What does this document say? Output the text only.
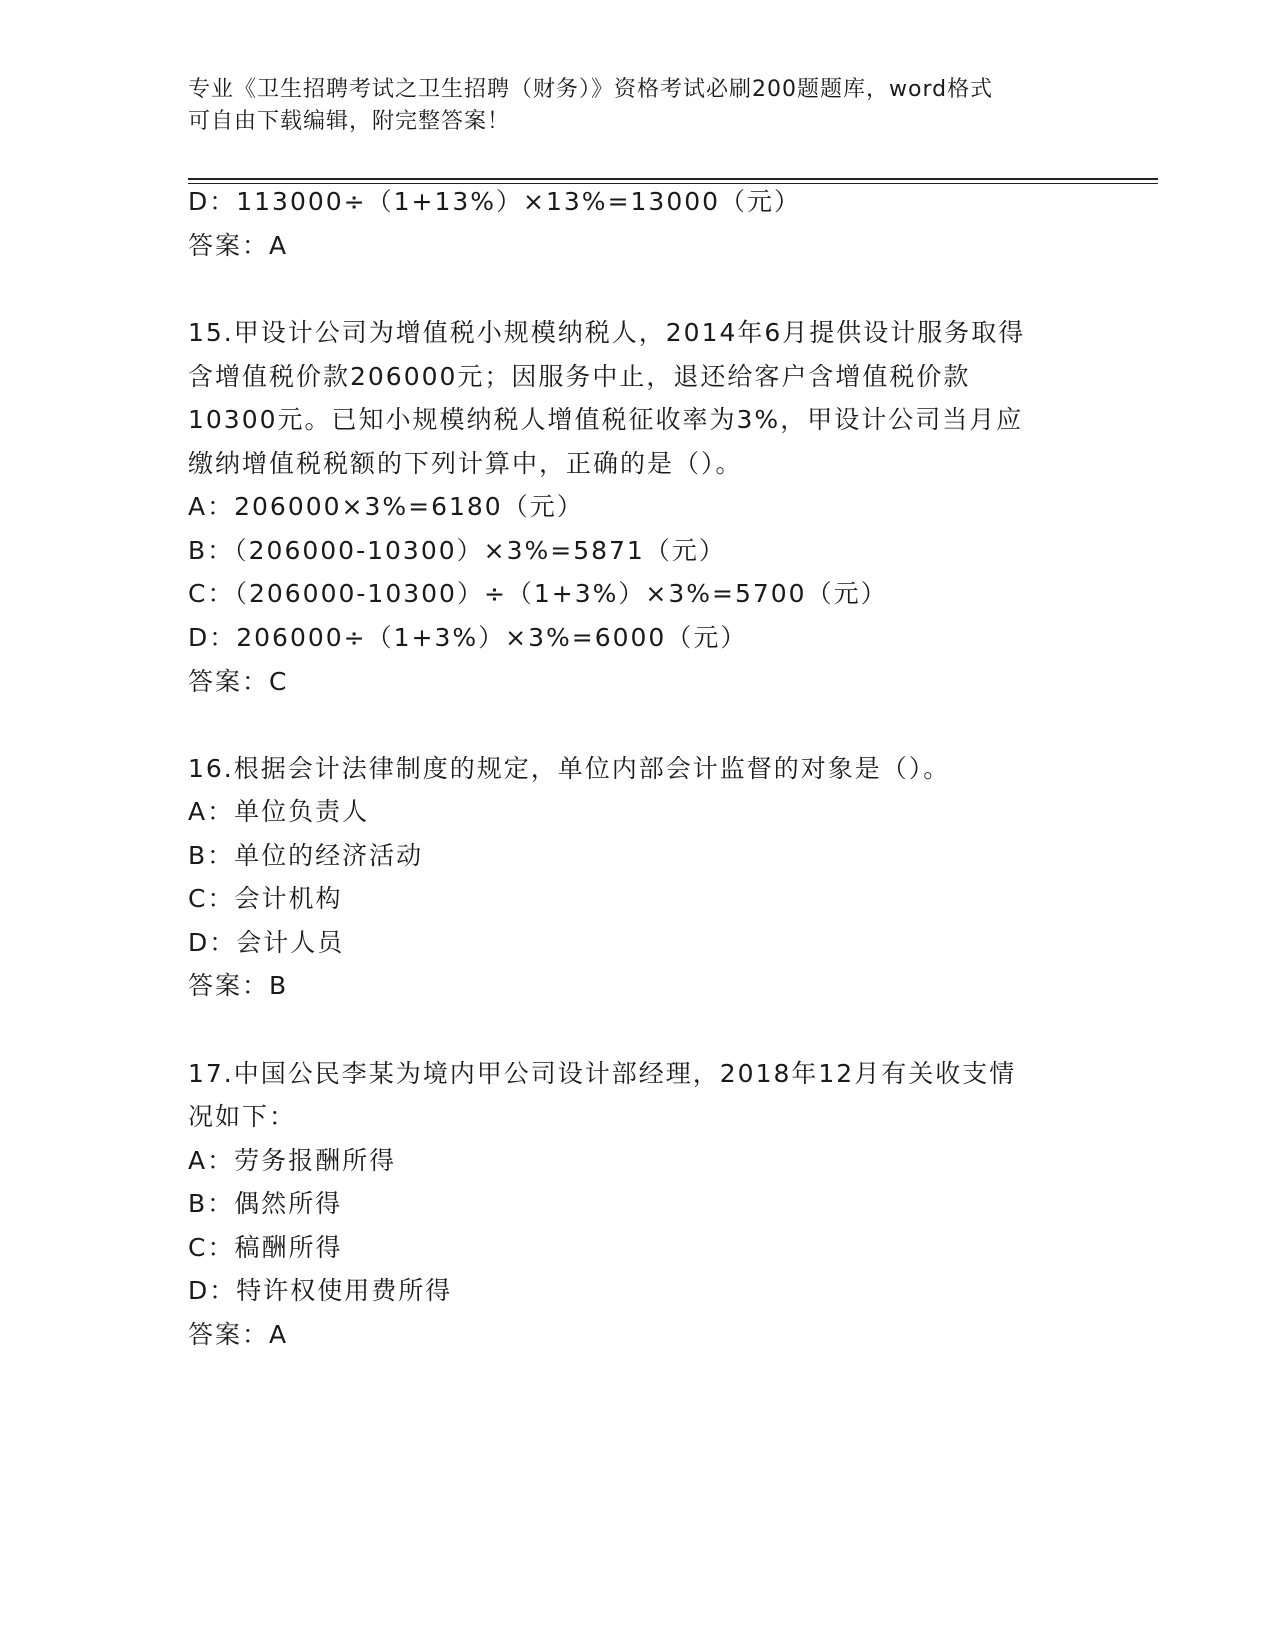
专业《卫生招聘考试之卫生招聘（财务）》资格考试必刷200题题库，word格式
可自由下载编辑，附完整答案！
D：113000÷（1+13%）×13%=13000（元）
答案：A
15.甲设计公司为增值税小规模纳税人，2014年6月提供设计服务取得
含增值税价款206000元；因服务中止，退还给客户含增值税价款
10300元。已知小规模纳税人增值税征收率为3%，甲设计公司当月应
缴纳增值税税额的下列计算中，正确的是（）。
A：206000×3%=6180（元）
B：（206000-10300）×3%=5871（元）
C：（206000-10300）÷（1+3%）×3%=5700（元）
D：206000÷（1+3%）×3%=6000（元）
答案：C
16.根据会计法律制度的规定，单位内部会计监督的对象是（）。
A：单位负责人
B：单位的经济活动
C：会计机构
D：会计人员
答案：B
17.中国公民李某为境内甲公司设计部经理，2018年12月有关收支情
况如下：
A：劳务报酬所得
B：偶然所得
C：稿酬所得
D：特许权使用费所得
答案：A
